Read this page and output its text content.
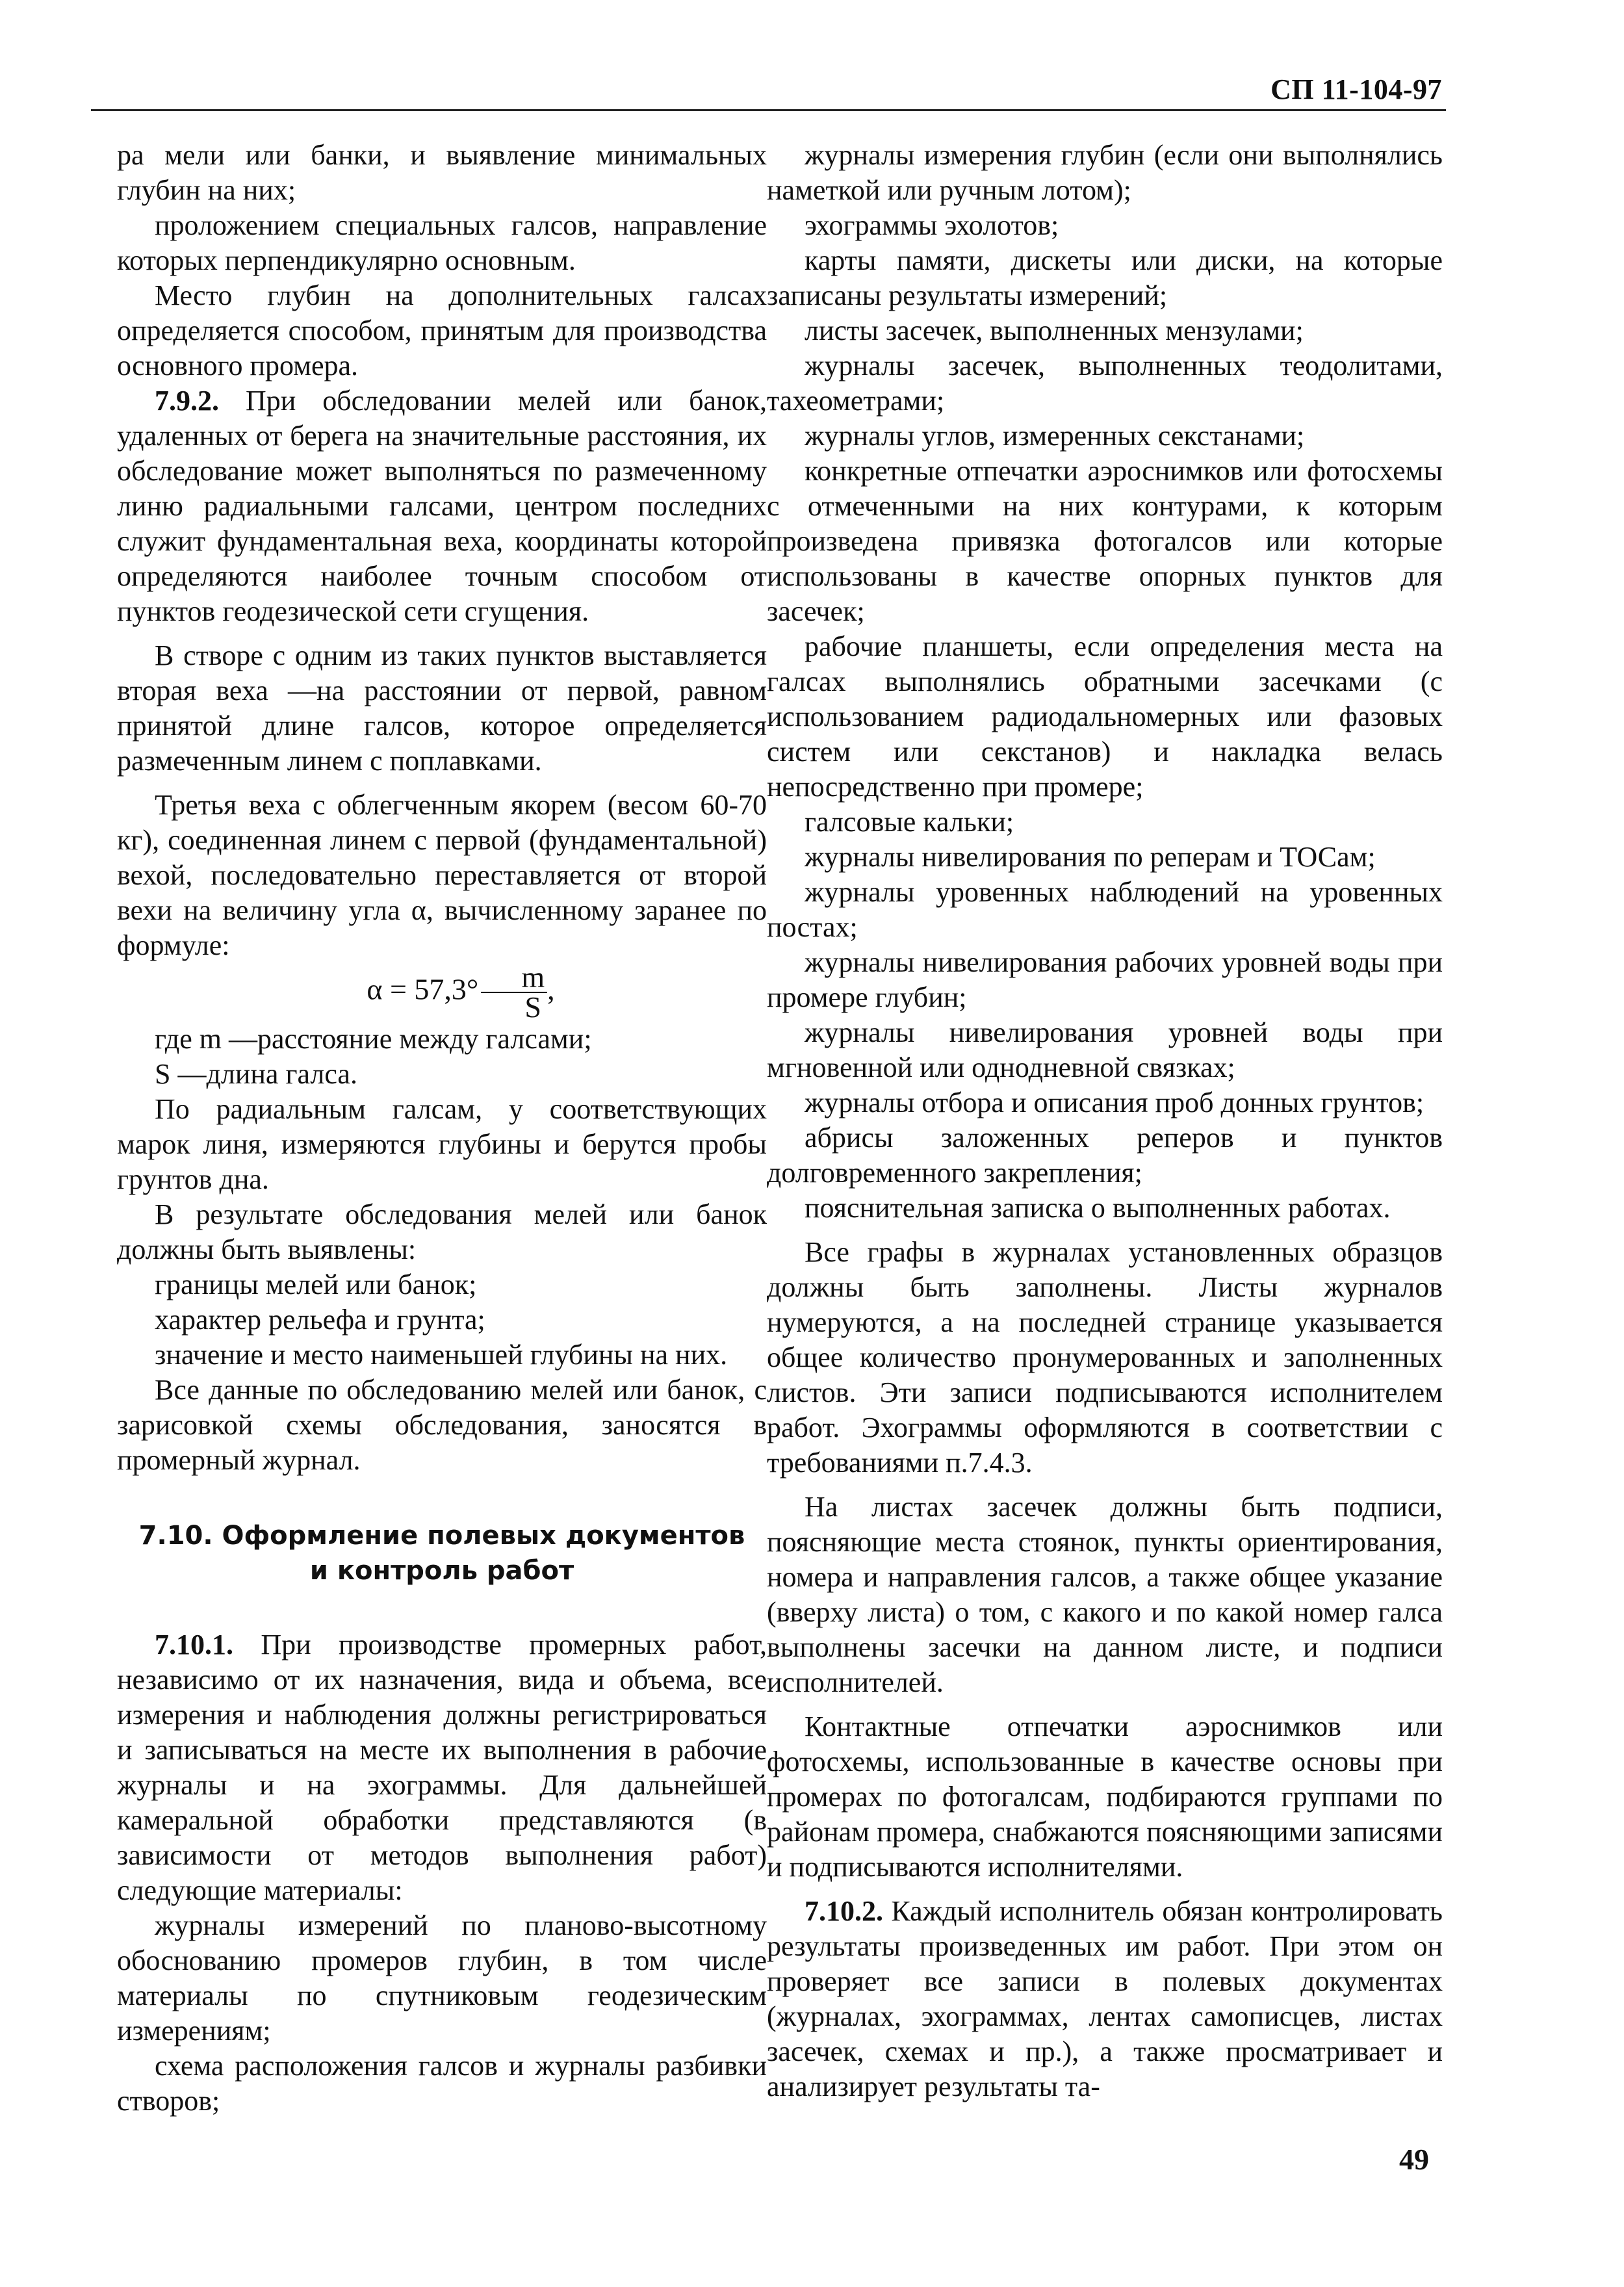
СП 11-104-97

ра мели или банки, и выявление минимальных глубин на них;

проложением специальных галсов, направление которых перпендикулярно основным.

Место глубин на дополнительных галсах определяется способом, принятым для производства основного промера.

7.9.2. При обследовании мелей или банок, удаленных от берега на значительные расстояния, их обследование может выполняться по размеченному линю радиальными галсами, центром последних служит фундаментальная веха, координаты которой определяются наиболее точным способом от пунктов геодезической сети сгущения.

В створе с одним из таких пунктов выставляется вторая веха —на расстоянии от первой, равном принятой длине галсов, которое определяется размеченным линем с поплавками.

Третья веха с облегченным якорем (весом 60-70 кг), соединенная линем с первой (фундаментальной) вехой, последовательно переставляется от второй вехи на величину угла α, вычисленному заранее по формуле:

$\alpha = 57,3^\circ \frac{m}{S}$ ,

где m —расстояние между галсами;

S —длина галса.

По радиальным галсам, у соответствующих марок линя, измеряются глубины и берутся пробы грунтов дна.

В результате обследования мелей или банок должны быть выявлены:

границы мелей или банок;

характер рельефа и грунта;

значение и место наименьшей глубины на них.

Все данные по обследованию мелей или банок, с зарисовкой схемы обследования, заносятся в промерный журнал.

7.10. Оформление полевых документов
и контроль работ

7.10.1. При производстве промерных работ, независимо от их назначения, вида и объема, все измерения и наблюдения должны регистрироваться и записываться на месте их выполнения в рабочие журналы и на эхограммы. Для дальнейшей камеральной обработки представляются (в зависимости от методов выполнения работ) следующие материалы:

журналы измерений по планово-высотному обоснованию промеров глубин, в том числе материалы по спутниковым геодезическим измерениям;

схема расположения галсов и журналы разбивки створов;

журналы измерения глубин (если они выполнялись наметкой или ручным лотом);

эхограммы эхолотов;

карты памяти, дискеты или диски, на которые записаны результаты измерений;

листы засечек, выполненных мензулами;

журналы засечек, выполненных теодолитами, тахеометрами;

журналы углов, измеренных секстанами;

конкретные отпечатки аэроснимков или фотосхемы с отмеченными на них контурами, к которым произведена привязка фотогалсов или которые использованы в качестве опорных пунктов для засечек;

рабочие планшеты, если определения места на галсах выполнялись обратными засечками (с использованием радиодальномерных или фазовых систем или секстанов) и накладка велась непосредственно при промере;

галсовые кальки;

журналы нивелирования по реперам и ТОСам;

журналы уровенных наблюдений на уровенных постах;

журналы нивелирования рабочих уровней воды при промере глубин;

журналы нивелирования уровней воды при мгновенной или однодневной связках;

журналы отбора и описания проб донных грунтов;

абрисы заложенных реперов и пунктов долговременного закрепления;

пояснительная записка о выполненных работах.

Все графы в журналах установленных образцов должны быть заполнены. Листы журналов нумеруются, а на последней странице указывается общее количество пронумерованных и заполненных листов. Эти записи подписываются исполнителем работ. Эхограммы оформляются в соответствии с требованиями п.7.4.3.

На листах засечек должны быть подписи, поясняющие места стоянок, пункты ориентирования, номера и направления галсов, а также общее указание (вверху листа) о том, с какого и по какой номер галса выполнены засечки на данном листе, и подписи исполнителей.

Контактные отпечатки аэроснимков или фотосхемы, использованные в качестве основы при промерах по фотогалсам, подбираются группами по районам промера, снабжаются поясняющими записями и подписываются исполнителями.

7.10.2. Каждый исполнитель обязан контролировать результаты произведенных им работ. При этом он проверяет все записи в полевых документах (журналах, эхограммах, лентах самописцев, листах засечек, схемах и пр.), а также просматривает и анализирует результаты та-

49
